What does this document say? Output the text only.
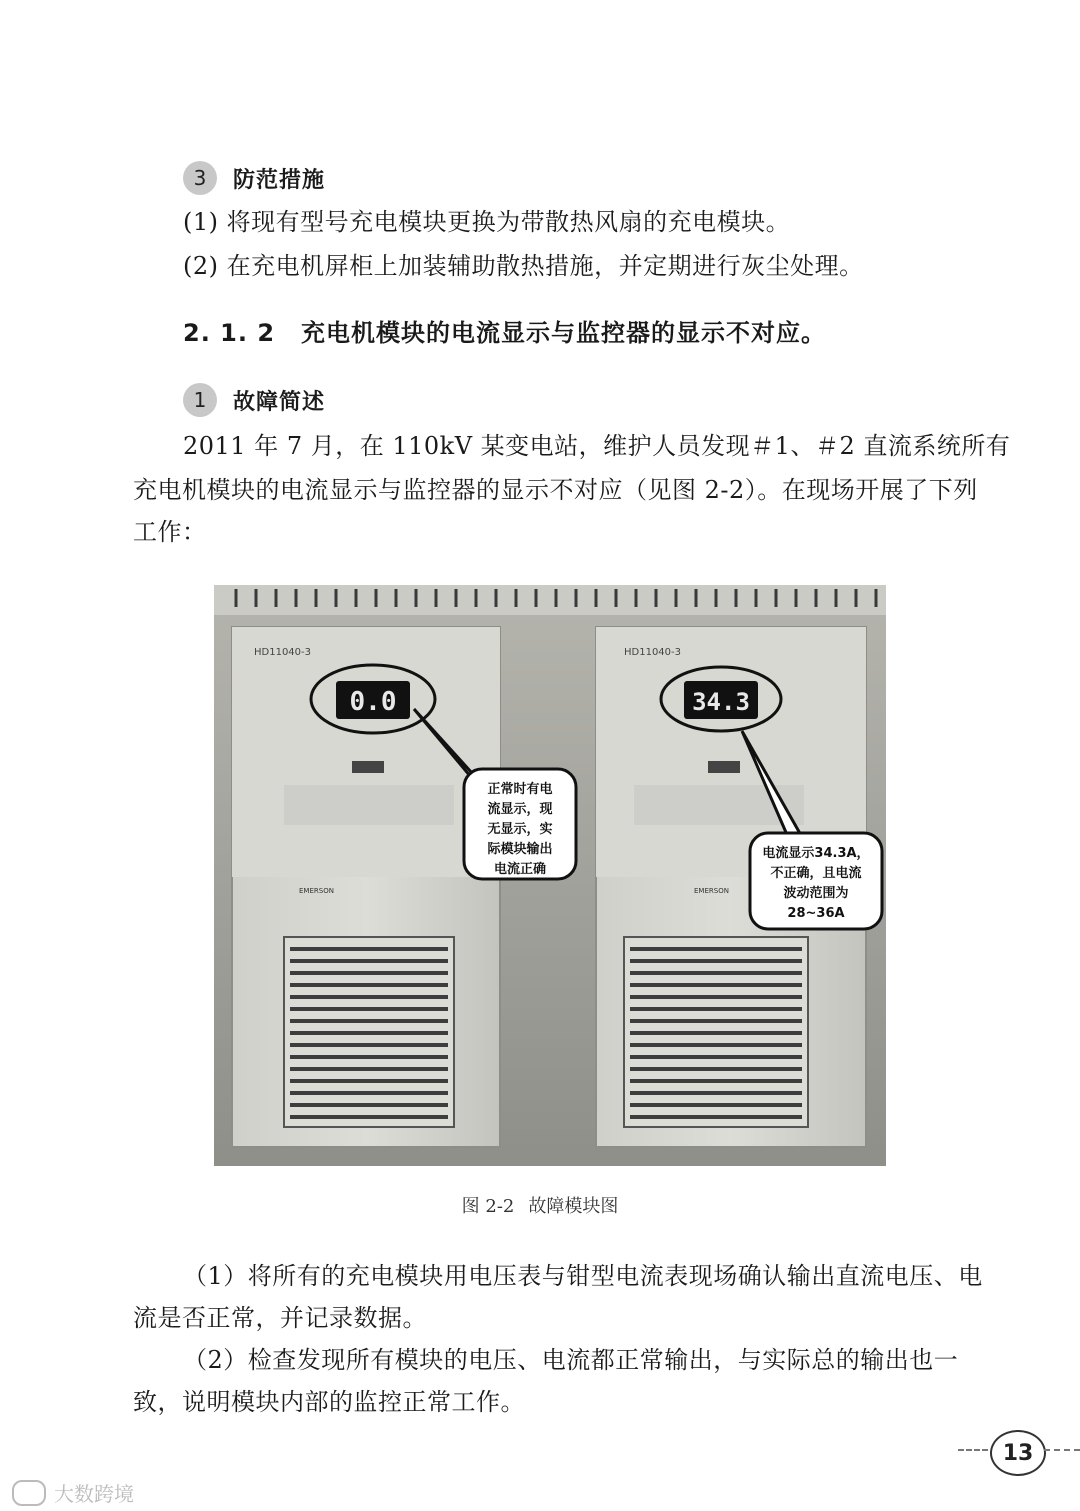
3	防范措施
(1) 将现有型号充电模块更换为带散热风扇的充电模块。
(2) 在充电机屏柜上加装辅助散热措施，并定期进行灰尘处理。
2. 1. 2 充电机模块的电流显示与监控器的显示不对应。
1	故障简述
2011 年 7 月，在 110kV 某变电站，维护人员发现＃1、＃2 直流系统所有
充电机模块的电流显示与监控器的显示不对应（见图 2-2）。在现场开展了下列
工作：
HD11040-3
0.0
EMERSON
HD11040-3
34.3
EMERSON
正常时有电
流显示，现
无显示，实
际模块输出
电流正确
电流显示34.3A，
不正确，且电流
波动范围为
28~36A
图 2-2 故障模块图
（1）将所有的充电模块用电压表与钳型电流表现场确认输出直流电压、电
流是否正常，并记录数据。
（2）检查发现所有模块的电压、电流都正常输出，与实际总的输出也一
致，说明模块内部的监控正常工作。
13
大数跨境
